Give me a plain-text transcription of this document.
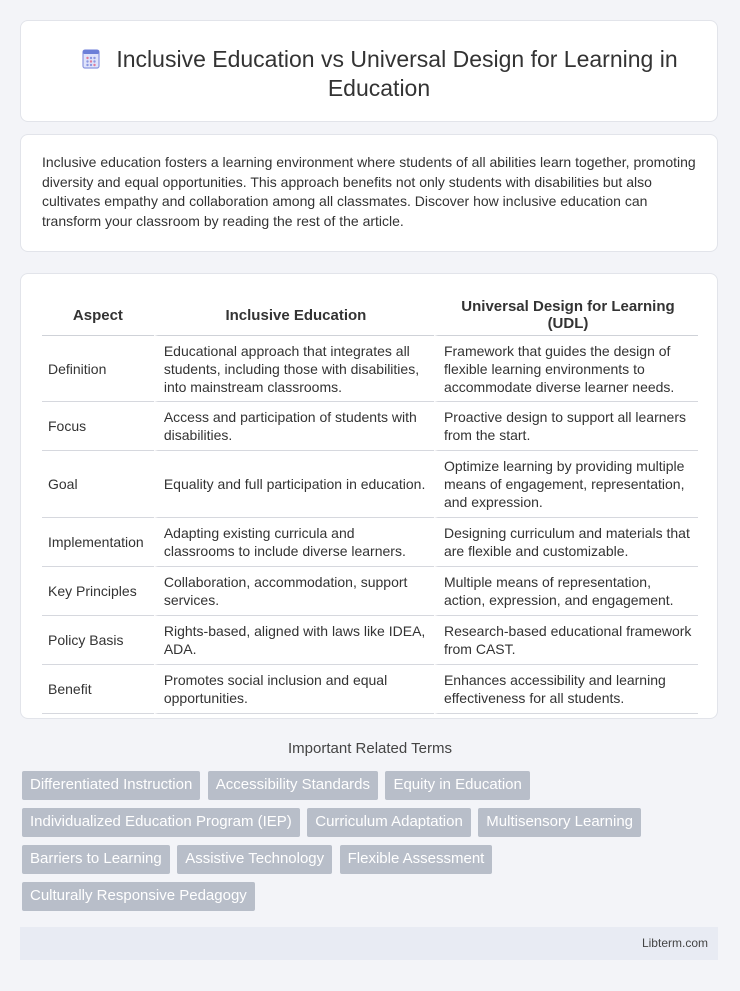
Inclusive Education vs Universal Design for Learning in Education
Inclusive education fosters a learning environment where students of all abilities learn together, promoting diversity and equal opportunities. This approach benefits not only students with disabilities but also cultivates empathy and collaboration among all classmates. Discover how inclusive education can transform your classroom by reading the rest of the article.
Aspect	Inclusive Education	Universal Design for Learning (UDL)
Definition	Educational approach that integrates all students, including those with disabilities, into mainstream classrooms.	Framework that guides the design of flexible learning environments to accommodate diverse learner needs.
Focus	Access and participation of students with disabilities.	Proactive design to support all learners from the start.
Goal	Equality and full participation in education.	Optimize learning by providing multiple means of engagement, representation, and expression.
Implementation	Adapting existing curricula and classrooms to include diverse learners.	Designing curriculum and materials that are flexible and customizable.
Key Principles	Collaboration, accommodation, support services.	Multiple means of representation, action, expression, and engagement.
Policy Basis	Rights-based, aligned with laws like IDEA, ADA.	Research-based educational framework from CAST.
Benefit	Promotes social inclusion and equal opportunities.	Enhances accessibility and learning effectiveness for all students.
Important Related Terms
Differentiated Instruction Accessibility Standards Equity in Education Individualized Education Program (IEP) Curriculum Adaptation Multisensory Learning Barriers to Learning Assistive Technology Flexible Assessment Culturally Responsive Pedagogy
Libterm.com
